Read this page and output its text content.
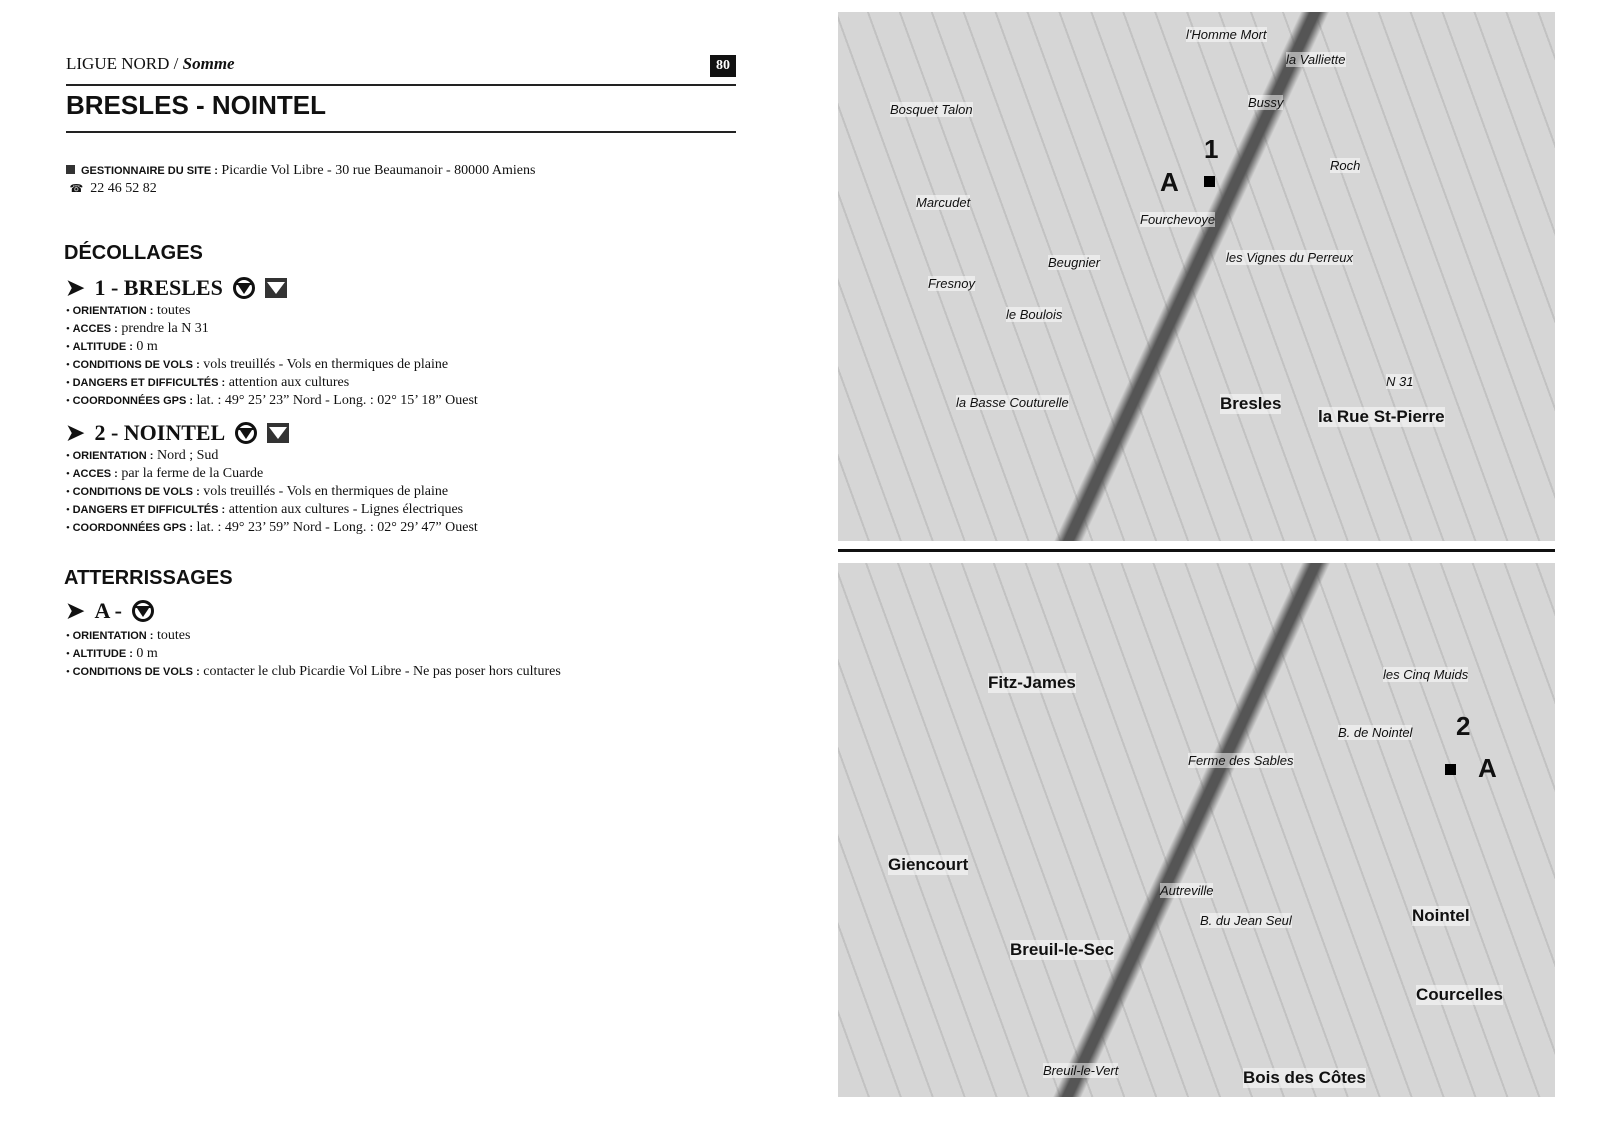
LIGUE NORD / Somme	80
BRESLES - NOINTEL
GESTIONNAIRE DU SITE : Picardie Vol Libre - 30 rue Beaumanoir - 80000 Amiens
☎ 22 46 52 82
DÉCOLLAGES
➤ 1 - BRESLES
• ORIENTATION : toutes
• ACCES : prendre la N 31
• ALTITUDE : 0 m
• CONDITIONS DE VOLS : vols treuillés - Vols en thermiques de plaine
• DANGERS ET DIFFICULTÉS : attention aux cultures
• COORDONNÉES GPS : lat. : 49° 25’ 23” Nord - Long. : 02° 15’ 18” Ouest
➤ 2 - NOINTEL
• ORIENTATION : Nord ; Sud
• ACCES : par la ferme de la Cuarde
• CONDITIONS DE VOLS : vols treuillés - Vols en thermiques de plaine
• DANGERS ET DIFFICULTÉS : attention aux cultures - Lignes électriques
• COORDONNÉES GPS : lat. : 49° 23’ 59” Nord - Long. : 02° 29’ 47” Ouest
ATTERRISSAGES
➤ A -
• ORIENTATION : toutes
• ALTITUDE : 0 m
• CONDITIONS DE VOLS : contacter le club Picardie Vol Libre - Ne pas poser hors cultures
Bresles
la Rue St-Pierre
Fresnoy
Beugnier
Marcudet
Roch
Bussy
la Valliette
Fourchevoye
les Vignes du Perreux
le Boulois
la Basse Couturelle
Bosquet Talon
l'Homme Mort
N 31
A
1
Fitz-James
Giencourt
Breuil-le-Sec
Nointel
Courcelles
Autreville
B. de Nointel
Ferme des Sables
les Cinq Muids
Bois des Côtes
Breuil-le-Vert
B. du Jean Seul
A
2
